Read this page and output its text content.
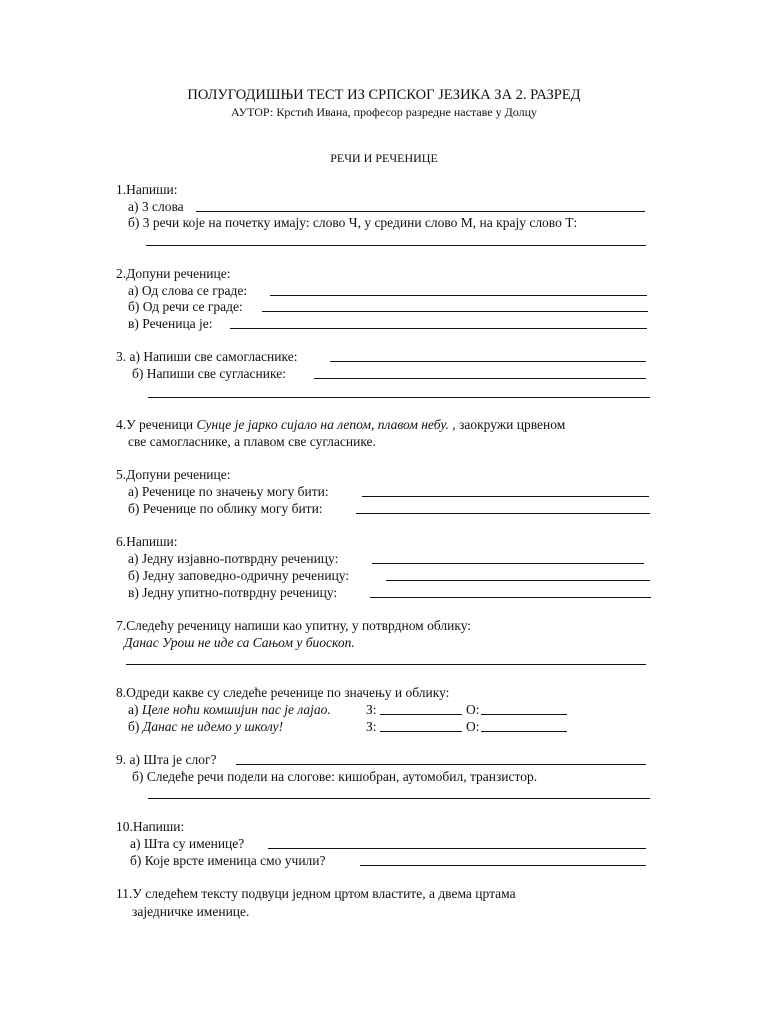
ПОЛУГОДИШЊИ ТЕСТ ИЗ СРПСКОГ ЈЕЗИКА ЗА 2. РАЗРЕД
АУТОР: Крстић Ивана, професор разредне наставе у Долцу
РЕЧИ И РЕЧЕНИЦЕ
1.Напиши:
а) 3 слова
б) 3 речи које на почетку имају: слово Ч, у средини слово М, на крају слово Т:
2.Допуни реченице:
а) Од слова се граде:
б) Од речи се граде:
в) Реченица је:
3. а) Напиши све самогласнике:
б) Напиши све сугласнике:
4.У реченици Сунце је јарко сијало на лепом, плавом небу. , заокружи црвеном
све самогласнике, а плавом све сугласнике.
5.Допуни реченице:
а) Реченице по значењу могу бити:
б) Реченице по облику могу бити:
6.Напиши:
а) Једну изјавно-потврдну реченицу:
б) Једну заповедно-одричну реченицу:
в) Једну упитно-потврдну реченицу:
7.Следећу реченицу напиши као упитну, у потврдном облику:
Данас Урош не иде са Сањом у биоскоп.
8.Одреди какве су следеће реченице по значењу и облику:
а) Целе ноћи комшијин пас је лајао.	З:	О:
б) Данас не идемо у школу!	З:	О:
9. а) Шта је слог?
б) Следеће речи подели на слогове: кишобран, аутомобил, транзистор.
10.Напиши:
а) Шта су именице?
б) Које врсте именица смо учили?
11.У следећем тексту подвуци једном цртом властите, а двема цртама
заједничке именице.
